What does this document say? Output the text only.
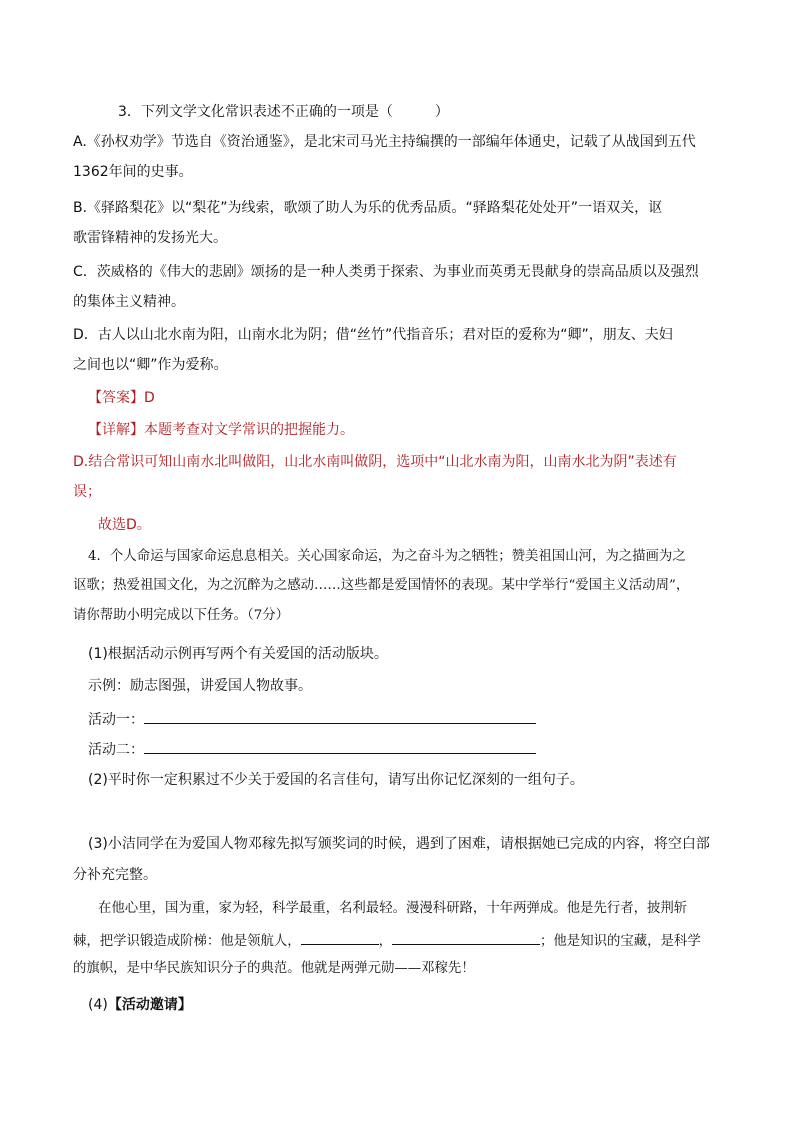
3．下列文学文化常识表述不正确的一项是（　　　）
A.《孙权劝学》节选自《资治通鉴》，是北宋司马光主持编撰的一部编年体通史，记载了从战国到五代
1362年间的史事。
B.《驿路梨花》以“梨花”为线索，歌颂了助人为乐的优秀品质。“驿路梨花处处开”一语双关，讴
歌雷锋精神的发扬光大。
C．茨威格的《伟大的悲剧》颂扬的是一种人类勇于探索、为事业而英勇无畏献身的崇高品质以及强烈
的集体主义精神。
D．古人以山北水南为阳，山南水北为阴；借“丝竹”代指音乐；君对臣的爱称为“卿”，朋友、夫妇
之间也以“卿”作为爱称。
【答案】D
【详解】本题考查对文学常识的把握能力。
D.结合常识可知山南水北叫做阳，山北水南叫做阴，选项中“山北水南为阳，山南水北为阴”表述有
误；
故选D。
4．个人命运与国家命运息息相关。关心国家命运，为之奋斗为之牺牲；赞美祖国山河，为之描画为之
讴歌；热爱祖国文化，为之沉醉为之感动……这些都是爱国情怀的表现。某中学举行“爱国主义活动周”，
请你帮助小明完成以下任务。（7分）
(1)根据活动示例再写两个有关爱国的活动版块。
示例：励志图强，讲爱国人物故事。
活动一：
活动二：
(2)平时你一定积累过不少关于爱国的名言佳句，请写出你记忆深刻的一组句子。
(3)小洁同学在为爱国人物邓稼先拟写颁奖词的时候，遇到了困难，请根据她已完成的内容，将空白部
分补充完整。
在他心里，国为重，家为轻，科学最重，名利最轻。漫漫科研路，十年两弹成。他是先行者，披荆斩
棘，把学识锻造成阶梯：他是领航人，	，	；他是知识的宝藏，是科学
的旗帜，是中华民族知识分子的典范。他就是两弹元勋——邓稼先！
(4)【活动邀请】
